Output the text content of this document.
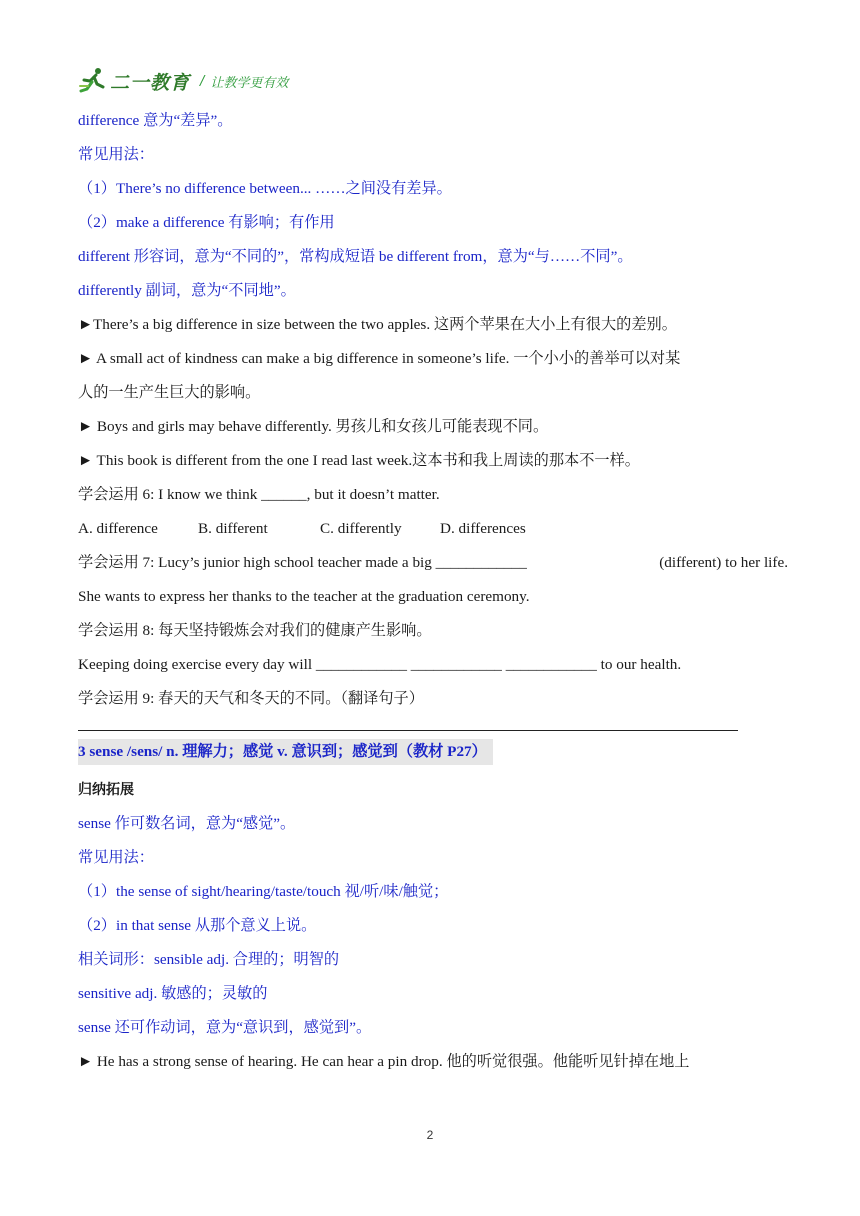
二一教育 / 让教学更有效
difference 意为“差异”。
常见用法：
（1）There’s no difference between... ……之间没有差异。
（2）make a difference 有影响；有作用
different 形容词，意为“不同的”，常构成短语 be different from，意为“与……不同”。
differently 副词，意为“不同地”。
►There’s a big difference in size between the two apples. 这两个苹果在大小上有很大的差别。
► A small act of kindness can make a big difference in someone’s life. 一个小小的善举可以对某
人的一生产生巨大的影响。
► Boys and girls may behave differently. 男孩儿和女孩儿可能表现不同。
► This book is different from the one I read last week.这本书和我上周读的那本不一样。
学会运用 6: I know we think ______, but it doesn’t matter.
A. difference	B. different	C. differently	D. differences
学会运用 7: Lucy’s junior high school teacher made a big ____________	(different) to her life.
She wants to express her thanks to the teacher at the graduation ceremony.
学会运用 8: 每天坚持锻炼会对我们的健康产生影响。
Keeping doing exercise every day will ____________ ____________ ____________ to our health.
学会运用 9: 春天的天气和冬天的不同。（翻译句子）
3 sense /sens/ n. 理解力；感觉 v. 意识到；感觉到（教材 P27）
归纳拓展
sense 作可数名词，意为“感觉”。
常见用法：
（1）the sense of sight/hearing/taste/touch 视/听/味/触觉；
（2）in that sense 从那个意义上说。
相关词形：sensible adj. 合理的；明智的
sensitive adj. 敏感的；灵敏的
sense 还可作动词，意为“意识到，感觉到”。
► He has a strong sense of hearing. He can hear a pin drop. 他的听觉很强。他能听见针掉在地上
2
